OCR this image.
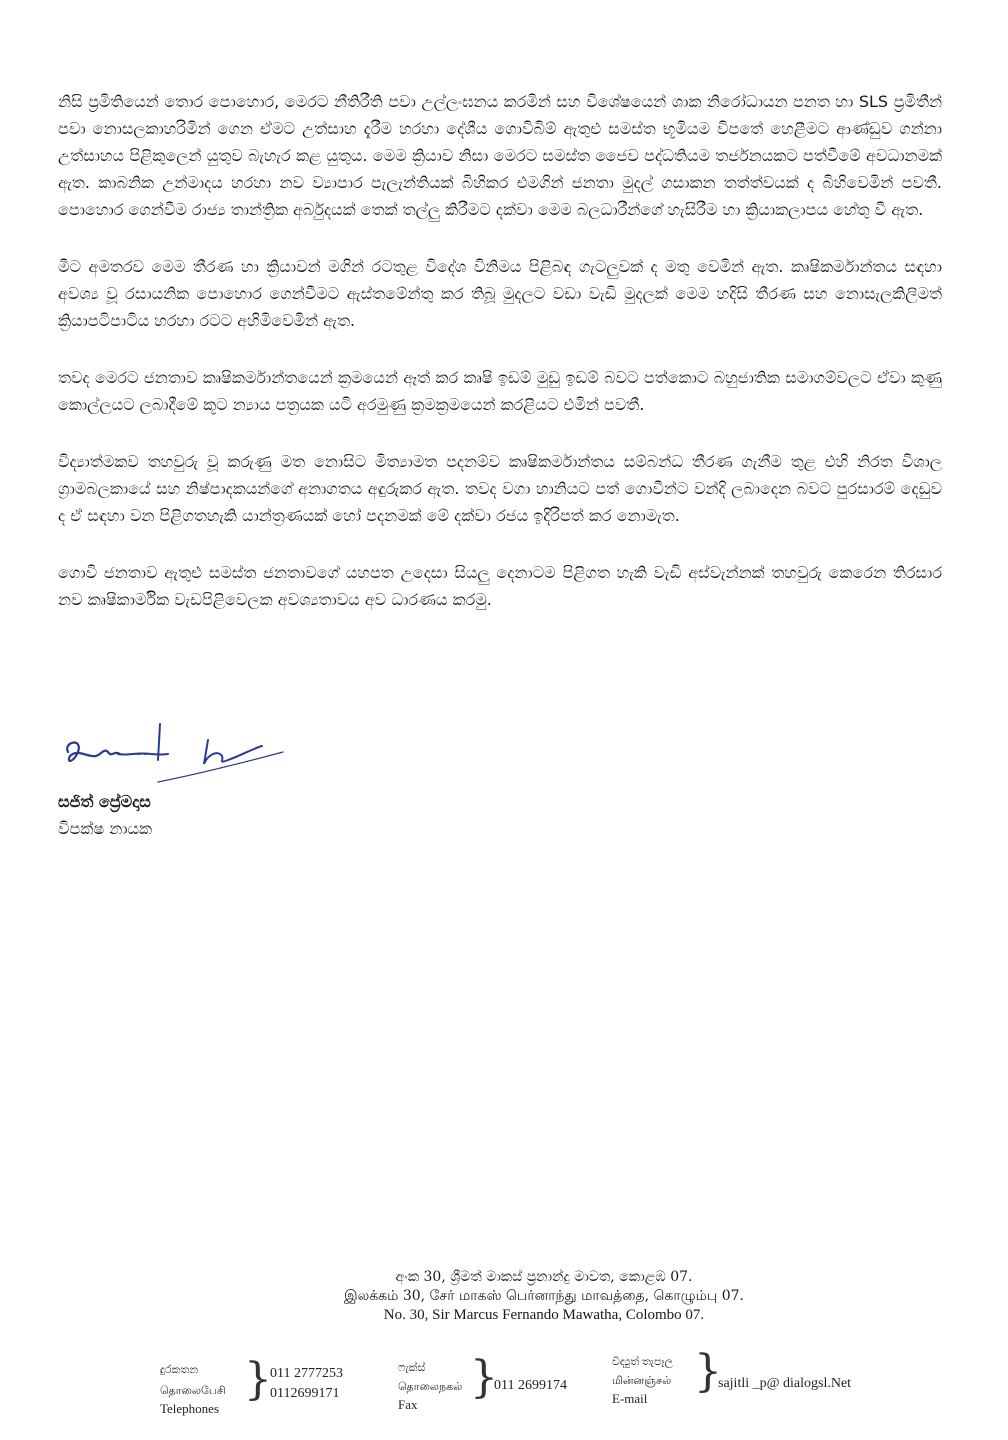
නිසි ප්‍රමිතියෙන් තොර පොහොර, මෙරට නීතිරීති පවා උල්ලංඝනය කරමින් සහ විශේෂයෙන් ශාක නිරෝධායන පනත හා SLS ප්‍රමිතීන් පවා නොසලකාහරිමින් ගෙන ඒමට උත්සාහ දැරීම හරහා දේශීය ගොවිබිම් ඇතුළු සමස්ත භූමියම විපතේ හෙළීමට ආණ්ඩුව ගන්නා උත්සාහය පිළිකුලෙන් යුතුව බැහැර කළ යුතුය. මෙම ක්‍රියාව නිසා මෙරට සමස්ත ජෛව පද්ධතියම තර්ජනයකට පත්වීමේ අවධානමක් ඇත. කාබනික උන්මාදය හරහා නව ව්‍යාපාර පැලැන්තියක් බිහිකර එමගින් ජනතා මුදල් ගසාකන තත්ත්වයක් ද බිහිවෙමින් පවතී. පොහොර ගෙන්වීම රාජ්‍ය තාන්ත්‍රික අර්බුදයක් තෙක් තල්ලු කිරීමට දක්වා මෙම බලධාරීන්ගේ හැසිරීම හා ක්‍රියාකලාපය හේතු වී ඇත.

මීට අමතරව මෙම තීරණ හා ක්‍රියාවන් මගින් රටතුළ විදේශ විනිමය පිළිබඳ ගැටලුවක් ද මතු වෙමින් ඇත. කෘෂිකර්මාන්තය සඳහා අවශ්‍ය වූ රසායනික පොහොර ගෙන්වීමට ඇස්තමේන්තු කර තිබූ මුදලට වඩා වැඩි මුදලක් මෙම හදිසි තීරණ සහ නොසැලකිලිමත් ක්‍රියාපටිපාටිය හරහා රටට අහිමිවෙමින් ඇත.

තවද මෙරට ජනතාව කෘෂිකර්මාන්තයෙන් ක්‍රමයෙන් ඈත් කර කෘෂි ඉඩම් මුඩු ඉඩම් බවට පත්කොට බහුජාතික සමාගම්වලට ඒවා කුණු කොල්ලයට ලබාදීමේ කූට න්‍යාය පත්‍රයක යටි අරමුණු ක්‍රමක්‍රමයෙන් කරළියට එමින් පවතී.

විද්‍යාත්මකව තහවුරු වූ කරුණු මත නොසිට මිත්‍යාමත පදනම්ව කෘෂිකර්මාන්තය සම්බන්ධ තීරණ ගැනීම තුළ එහි නිරත විශාල ග්‍රාමබලකායේ සහ නිෂ්පාදකයන්ගේ අනාගතය අඳුරුකර ඇත. තවද වගා හානියට පත් ගොවීන්ට වන්දි ලබාදෙන බවට පුරසාරම් දෙඩුව ද ඒ සඳහා වන පිළිගතහැකි යාන්ත්‍රණයක් හෝ පදනමක් මේ දක්වා රජය ඉදිරිපත් කර නොමැත.

ගොවි ජනතාව ඇතුළු සමස්ත ජනතාවගේ යහපත උදෙසා සියලු දෙනාටම පිළිගත හැකි වැඩි අස්වැන්නක් තහවුරු කෙරෙන තිරසාර නව කෘෂිකාර්මික වැඩපිළිවෙලක අවශ්‍යතාවය අව ධාරණය කරමු.

සජිත් ප්‍රේමදාස
විපක්ෂ නායක
අංක 30, ශ්‍රීමත් මාකස් ප්‍රනාන්දු මාවත, කොළඹ 07.
இலக்கம் 30, சேர் மாகஸ் பெர்னாந்து மாவத்தை, கொழும்பு 07.
No. 30, Sir Marcus Fernando Mawatha, Colombo 07.
දුරකතන
தொலைபேசி
Telephones
}
011 2777253
0112699171
ෆැක්ස්
தொலைநகல்
Fax
}
011 2699174
විද්‍යුත් තැපෑල
மின்னஞ்சல்
E-mail
}
sajitli _p@ dialogsl.Net
